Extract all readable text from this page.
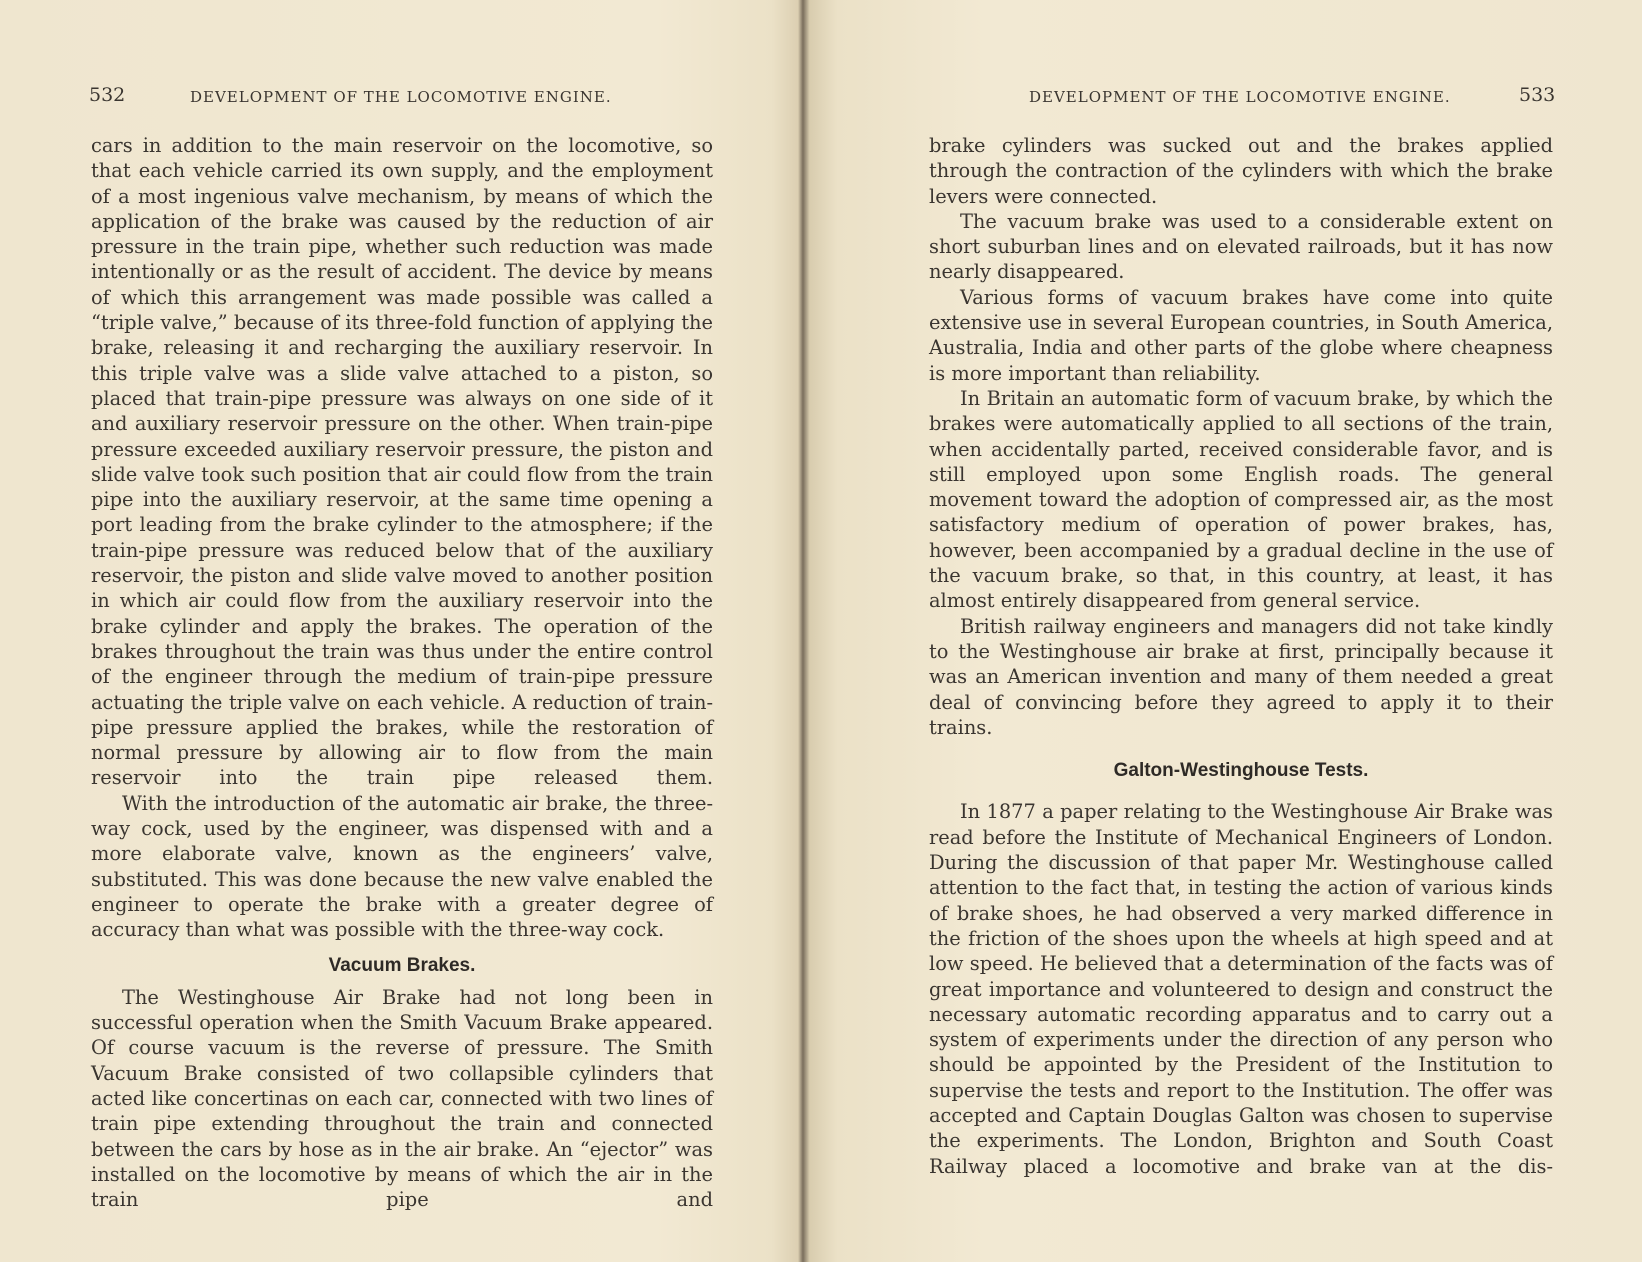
532	DEVELOPMENT OF THE LOCOMOTIVE ENGINE.

cars in addition to the main reservoir on the locomotive, so that each vehicle carried its own supply, and the employment of a most ingenious valve mechanism, by means of which the application of the brake was caused by the reduction of air pressure in the train pipe, whether such reduction was made intentionally or as the result of accident. The device by means of which this arrangement was made possible was called a “triple valve,” because of its three-fold function of applying the brake, releasing it and recharging the auxiliary reservoir. In this triple valve was a slide valve attached to a piston, so placed that train-pipe pressure was always on one side of it and auxiliary reservoir pressure on the other. When train-pipe pressure exceeded auxiliary reservoir pressure, the piston and slide valve took such position that air could flow from the train pipe into the auxiliary reservoir, at the same time opening a port leading from the brake cylinder to the atmosphere; if the train-pipe pressure was reduced below that of the auxiliary reservoir, the piston and slide valve moved to another position in which air could flow from the auxiliary reservoir into the brake cylinder and apply the brakes. The operation of the brakes throughout the train was thus under the entire control of the engineer through the medium of train-pipe pressure actuating the triple valve on each vehicle. A reduction of train-pipe pressure applied the brakes, while the restoration of normal pressure by allowing air to flow from the main reservoir into the train pipe released them.

With the introduction of the automatic air brake, the three-way cock, used by the engineer, was dispensed with and a more elaborate valve, known as the engineers’ valve, substituted. This was done because the new valve enabled the engineer to operate the brake with a greater degree of accuracy than what was possible with the three-way cock.

Vacuum Brakes.

The Westinghouse Air Brake had not long been in successful operation when the Smith Vacuum Brake appeared. Of course vacuum is the reverse of pressure. The Smith Vacuum Brake consisted of two collapsible cylinders that acted like concertinas on each car, connected with two lines of train pipe extending throughout the train and connected between the cars by hose as in the air brake. An “ejector” was installed on the locomotive by means of which the air in the train pipe and

DEVELOPMENT OF THE LOCOMOTIVE ENGINE.	533

brake cylinders was sucked out and the brakes applied through the contraction of the cylinders with which the brake levers were connected.

The vacuum brake was used to a considerable extent on short suburban lines and on elevated railroads, but it has now nearly disappeared.

Various forms of vacuum brakes have come into quite extensive use in several European countries, in South America, Australia, India and other parts of the globe where cheapness is more important than reliability.

In Britain an automatic form of vacuum brake, by which the brakes were automatically applied to all sections of the train, when accidentally parted, received considerable favor, and is still employed upon some English roads. The general movement toward the adoption of compressed air, as the most satisfactory medium of operation of power brakes, has, however, been accompanied by a gradual decline in the use of the vacuum brake, so that, in this country, at least, it has almost entirely disappeared from general service.

British railway engineers and managers did not take kindly to the Westinghouse air brake at first, principally because it was an American invention and many of them needed a great deal of convincing before they agreed to apply it to their trains.

Galton-Westinghouse Tests.

In 1877 a paper relating to the Westinghouse Air Brake was read before the Institute of Mechanical Engineers of London. During the discussion of that paper Mr. Westinghouse called attention to the fact that, in testing the action of various kinds of brake shoes, he had observed a very marked difference in the friction of the shoes upon the wheels at high speed and at low speed. He believed that a determination of the facts was of great importance and volunteered to design and construct the necessary automatic recording apparatus and to carry out a system of experiments under the direction of any person who should be appointed by the President of the Institution to supervise the tests and report to the Institution. The offer was accepted and Captain Douglas Galton was chosen to supervise the experiments. The London, Brighton and South Coast Railway placed a locomotive and brake van at the dis-
